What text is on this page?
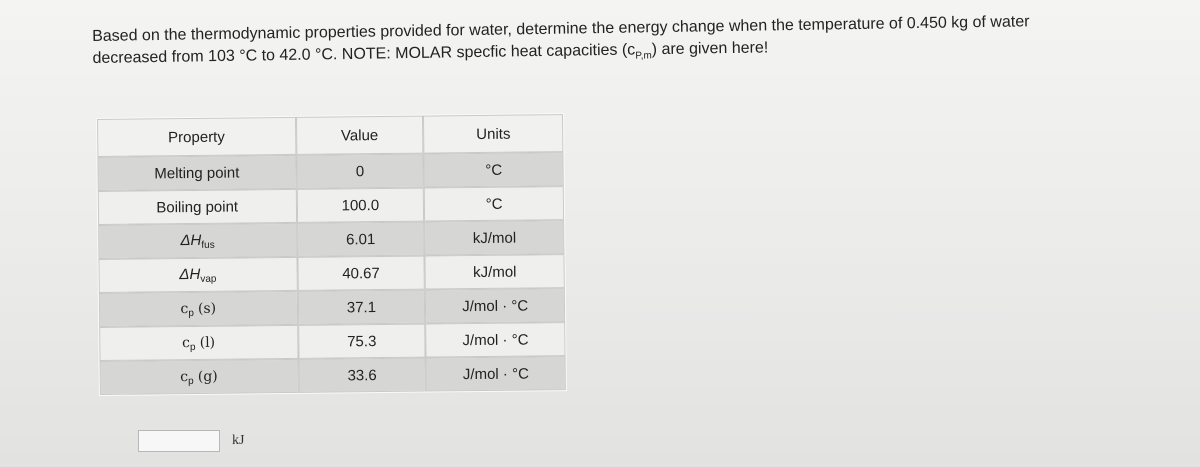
Based on the thermodynamic properties provided for water, determine the energy change when the temperature of 0.450 kg of water
decreased from 103 °C to 42.0 °C. NOTE: MOLAR specfic heat capacities $(c_{P,m})$ are given here!
Property	Value	Units
Melting point	0	°C
Boiling point	100.0	°C
$\Delta H_{fus}$	6.01	kJ/mol
$\Delta H_{vap}$	40.67	kJ/mol
$c_p$ (s)	37.1	J/mol · °C
$c_p$ (l)	75.3	J/mol · °C
$c_p$ (g)	33.6	J/mol · °C
kJ
